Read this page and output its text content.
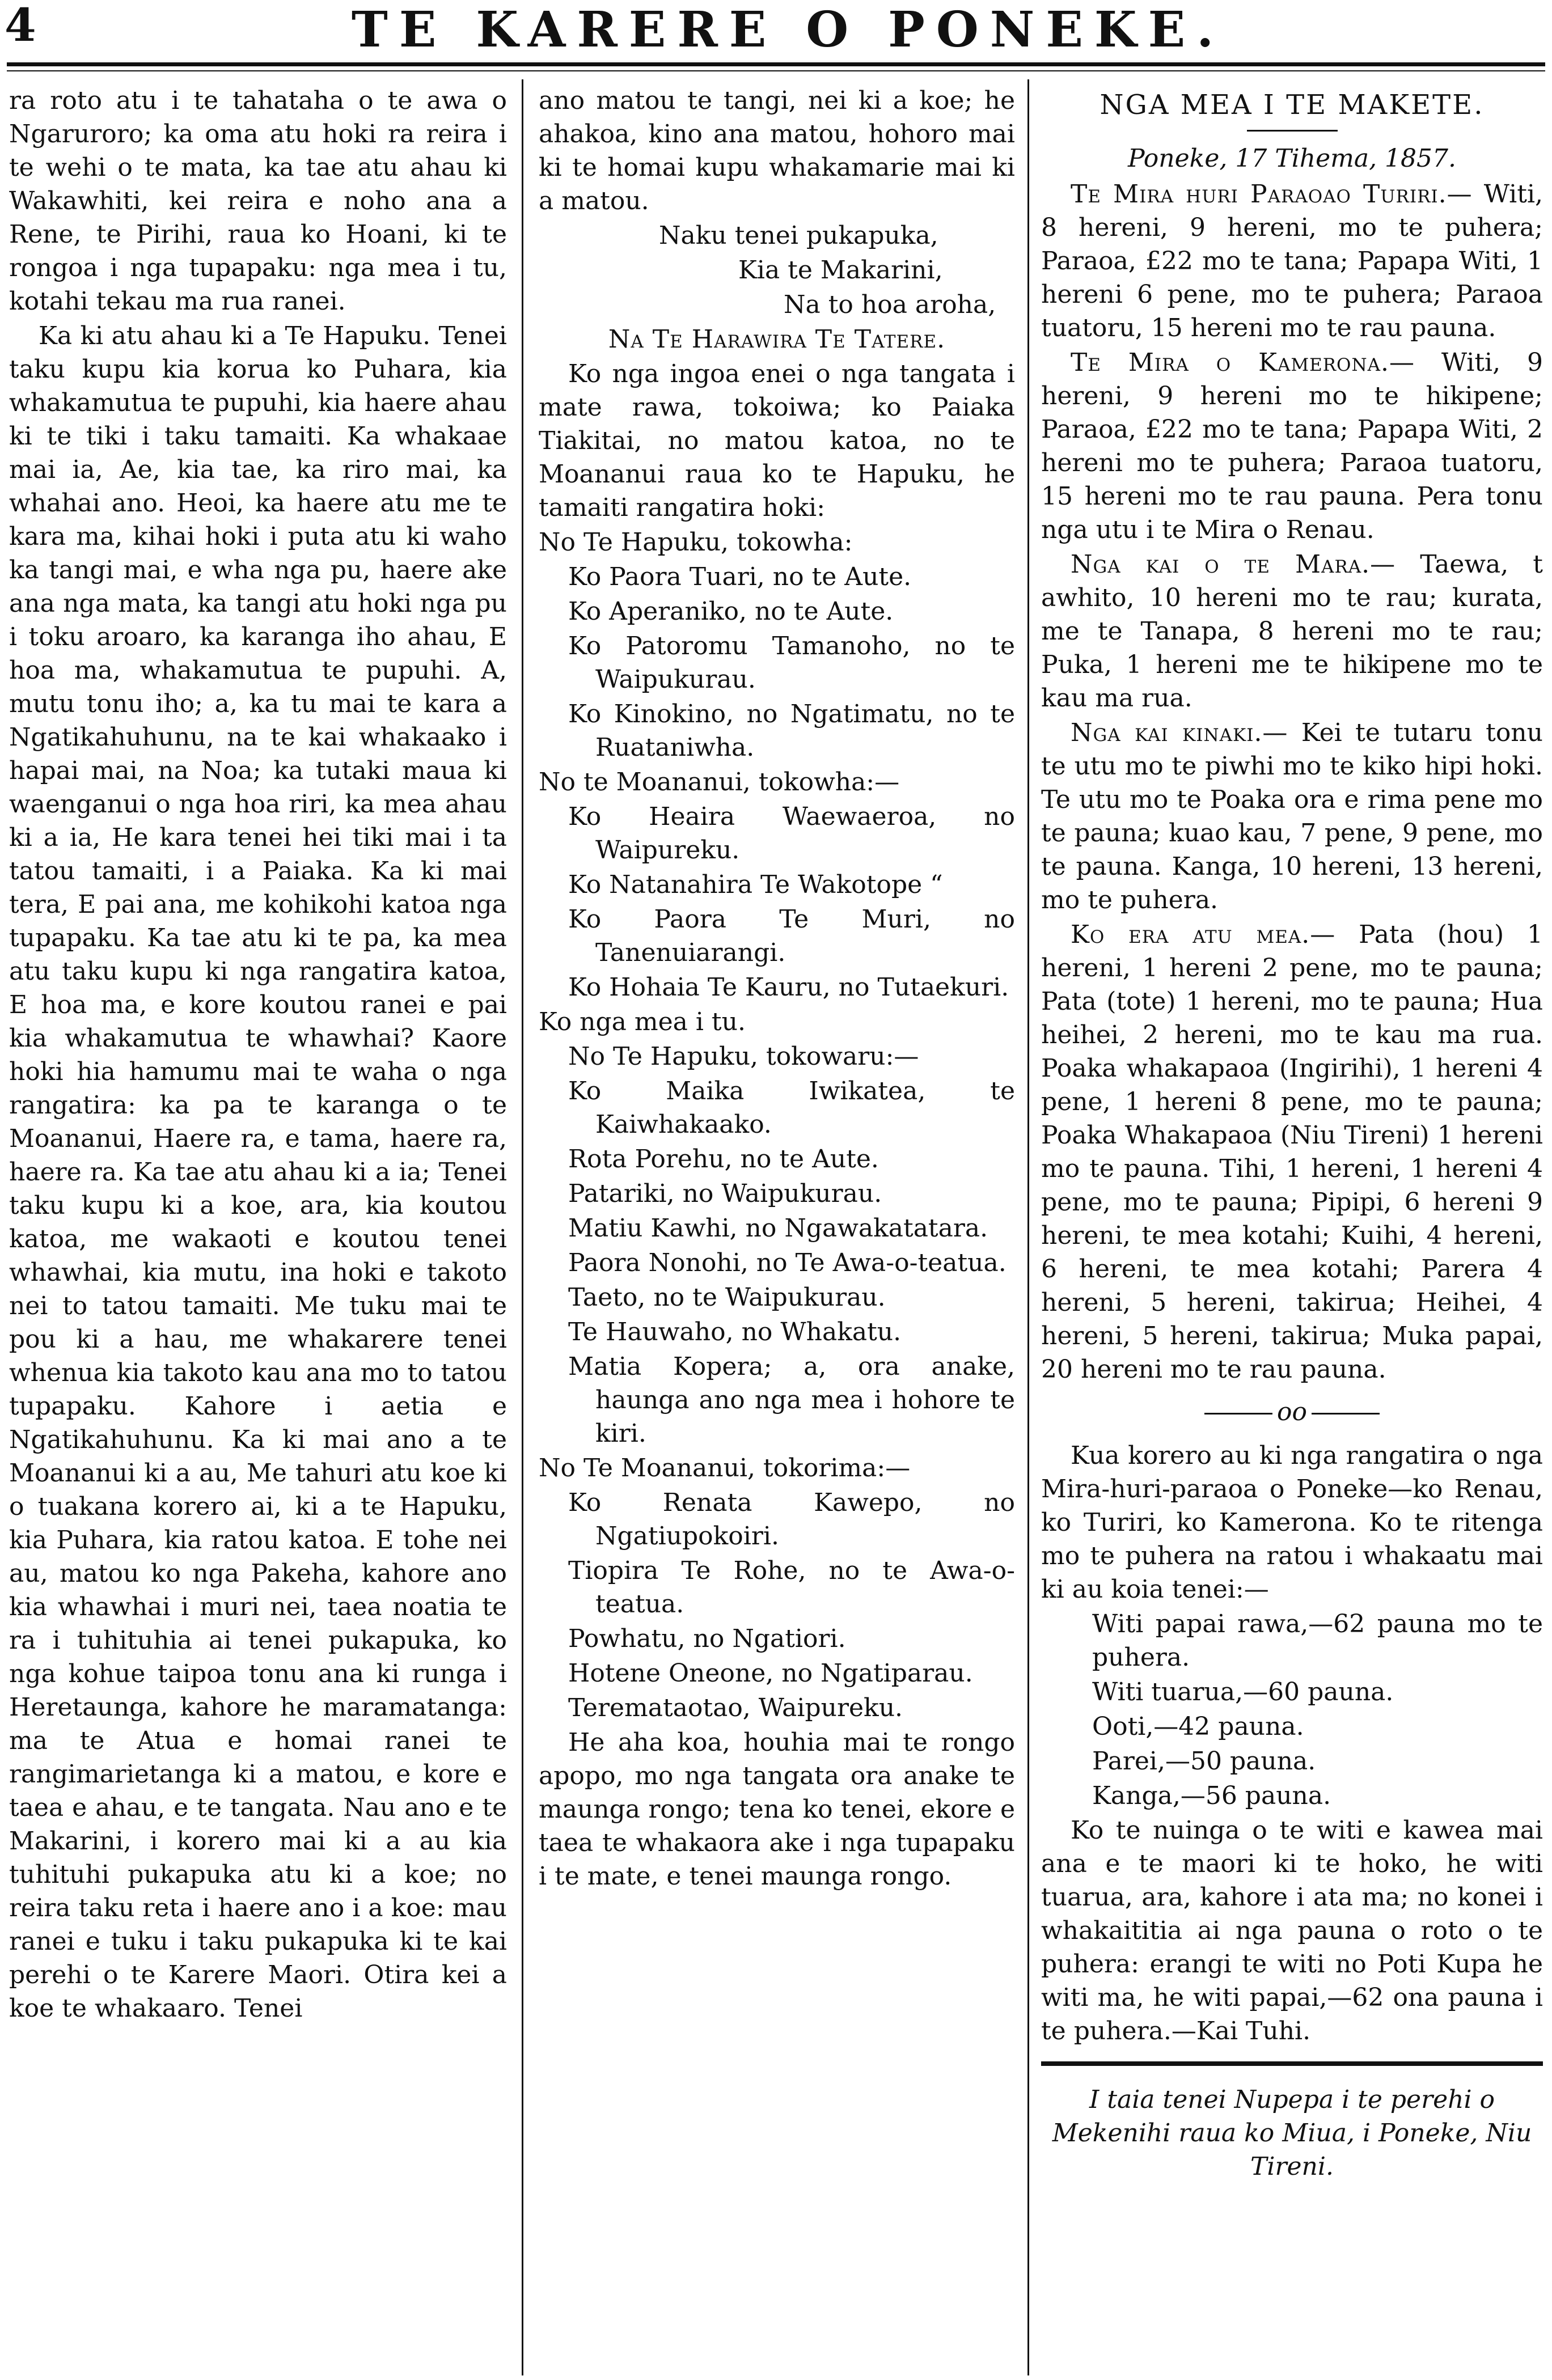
4	TE KARERE O PONEKE.

ra roto atu i te tahataha o te awa o Ngaruroro; ka oma atu hoki ra reira i te wehi o te mata, ka tae atu ahau ki Wakawhiti, kei reira e noho ana a Rene, te Pirihi, raua ko Hoani, ki te rongoa i nga tupapaku: nga mea i tu, kotahi tekau ma rua ranei.

Ka ki atu ahau ki a Te Hapuku. Tenei taku kupu kia korua ko Puhara, kia whakamutua te pupuhi, kia haere ahau ki te tiki i taku tamaiti. Ka whakaae mai ia, Ae, kia tae, ka riro mai, ka whahai ano. Heoi, ka haere atu me te kara ma, kihai hoki i puta atu ki waho ka tangi mai, e wha nga pu, haere ake ana nga mata, ka tangi atu hoki nga pu i toku aroaro, ka karanga iho ahau, E hoa ma, whakamutua te pupuhi. A, mutu tonu iho; a, ka tu mai te kara a Ngatikahuhunu, na te kai whakaako i hapai mai, na Noa; ka tutaki maua ki waenganui o nga hoa riri, ka mea ahau ki a ia, He kara tenei hei tiki mai i ta tatou tamaiti, i a Paiaka. Ka ki mai tera, E pai ana, me kohikohi katoa nga tupapaku. Ka tae atu ki te pa, ka mea atu taku kupu ki nga rangatira katoa, E hoa ma, e kore koutou ranei e pai kia whakamutua te whawhai? Kaore hoki hia hamumu mai te waha o nga rangatira: ka pa te karanga o te Moananui, Haere ra, e tama, haere ra, haere ra. Ka tae atu ahau ki a ia; Tenei taku kupu ki a koe, ara, kia koutou katoa, me wakaoti e koutou tenei whawhai, kia mutu, ina hoki e takoto nei to tatou tamaiti. Me tuku mai te pou ki a hau, me whakarere tenei whenua kia takoto kau ana mo to tatou tupapaku. Kahore i aetia e Ngatikahuhunu. Ka ki mai ano a te Moananui ki a au, Me tahuri atu koe ki o tuakana korero ai, ki a te Hapuku, kia Puhara, kia ratou katoa. E tohe nei au, matou ko nga Pakeha, kahore ano kia whawhai i muri nei, taea noatia te ra i tuhituhia ai tenei pukapuka, ko nga kohue taipoa tonu ana ki runga i Heretaunga, kahore he maramatanga: ma te Atua e homai ranei te rangimarietanga ki a matou, e kore e taea e ahau, e te tangata. Nau ano e te Makarini, i korero mai ki a au kia tuhituhi pukapuka atu ki a koe; no reira taku reta i haere ano i a koe: mau ranei e tuku i taku pukapuka ki te kai perehi o te Karere Maori. Otira kei a koe te whakaaro. Tenei

ano matou te tangi, nei ki a koe; he ahakoa, kino ana matou, hohoro mai ki te homai kupu whakamarie mai ki a matou.

Naku tenei pukapuka,

Kia te Makarini,

Na to hoa aroha,

Na Te Harawira Te Tatere.

Ko nga ingoa enei o nga tangata i mate rawa, tokoiwa; ko Paiaka Tiakitai, no matou katoa, no te Moananui raua ko te Hapuku, he tamaiti rangatira hoki:

No Te Hapuku, tokowha:

Ko Paora Tuari, no te Aute.

Ko Aperaniko, no te Aute.

Ko Patoromu Tamanoho, no te Waipukurau.

Ko Kinokino, no Ngatimatu, no te Ruataniwha.

No te Moananui, tokowha:—

Ko Heaira Waewaeroa, no Waipureku.

Ko Natanahira Te Wakotope “

Ko Paora Te Muri, no Tanenuiarangi.

Ko Hohaia Te Kauru, no Tutaekuri.

Ko nga mea i tu.

No Te Hapuku, tokowaru:—

Ko Maika Iwikatea, te Kaiwhakaako.

Rota Porehu, no te Aute.

Patariki, no Waipukurau.

Matiu Kawhi, no Ngawakatatara.

Paora Nonohi, no Te Awa-o-teatua.

Taeto, no te Waipukurau.

Te Hauwaho, no Whakatu.

Matia Kopera; a, ora anake, haunga ano nga mea i hohore te kiri.

No Te Moananui, tokorima:—

Ko Renata Kawepo, no Ngatiupokoiri.

Tiopira Te Rohe, no te Awa-o-teatua.

Powhatu, no Ngatiori.

Hotene Oneone, no Ngatiparau.

Teremataotao, Waipureku.

He aha koa, houhia mai te rongo apopo, mo nga tangata ora anake te maunga rongo; tena ko tenei, ekore e taea te whakaora ake i nga tupapaku i te mate, e tenei maunga rongo.

NGA MEA I TE MAKETE.
Poneke, 17 Tihema, 1857.

Te Mira huri Paraoao Turiri.— Witi, 8 hereni, 9 hereni, mo te puhera; Paraoa, £22 mo te tana; Papapa Witi, 1 hereni 6 pene, mo te puhera; Paraoa tuatoru, 15 hereni mo te rau pauna.

Te Mira o Kamerona.— Witi, 9 hereni, 9 hereni mo te hikipene; Paraoa, £22 mo te tana; Papapa Witi, 2 hereni mo te puhera; Paraoa tuatoru, 15 hereni mo te rau pauna. Pera tonu nga utu i te Mira o Renau.

Nga kai o te Mara.— Taewa, t awhito, 10 hereni mo te rau; kurata, me te Tanapa, 8 hereni mo te rau; Puka, 1 hereni me te hikipene mo te kau ma rua.

Nga kai kinaki.— Kei te tutaru tonu te utu mo te piwhi mo te kiko hipi hoki. Te utu mo te Poaka ora e rima pene mo te pauna; kuao kau, 7 pene, 9 pene, mo te pauna. Kanga, 10 hereni, 13 hereni, mo te puhera.

Ko era atu mea.— Pata (hou) 1 hereni, 1 hereni 2 pene, mo te pauna; Pata (tote) 1 hereni, mo te pauna; Hua heihei, 2 hereni, mo te kau ma rua. Poaka whakapaoa (Ingirihi), 1 hereni 4 pene, 1 hereni 8 pene, mo te pauna; Poaka Whakapaoa (Niu Tireni) 1 hereni mo te pauna. Tihi, 1 hereni, 1 hereni 4 pene, mo te pauna; Pipipi, 6 hereni 9 hereni, te mea kotahi; Kuihi, 4 hereni, 6 hereni, te mea kotahi; Parera 4 hereni, 5 hereni, takirua; Heihei, 4 hereni, 5 hereni, takirua; Muka papai, 20 hereni mo te rau pauna.

oo

Kua korero au ki nga rangatira o nga Mira-huri-paraoa o Poneke—ko Renau, ko Turiri, ko Kamerona. Ko te ritenga mo te puhera na ratou i whakaatu mai ki au koia tenei:—

Witi papai rawa,—62 pauna mo te puhera.

Witi tuarua,—60 pauna.

Ooti,—42 pauna.

Parei,—50 pauna.

Kanga,—56 pauna.

Ko te nuinga o te witi e kawea mai ana e te maori ki te hoko, he witi tuarua, ara, kahore i ata ma; no konei i whakaititia ai nga pauna o roto o te puhera: erangi te witi no Poti Kupa he witi ma, he witi papai,—62 ona pauna i te puhera.—Kai Tuhi.

I taia tenei Nupepa i te perehi o Mekenihi raua ko Miua, i Poneke, Niu Tireni.
